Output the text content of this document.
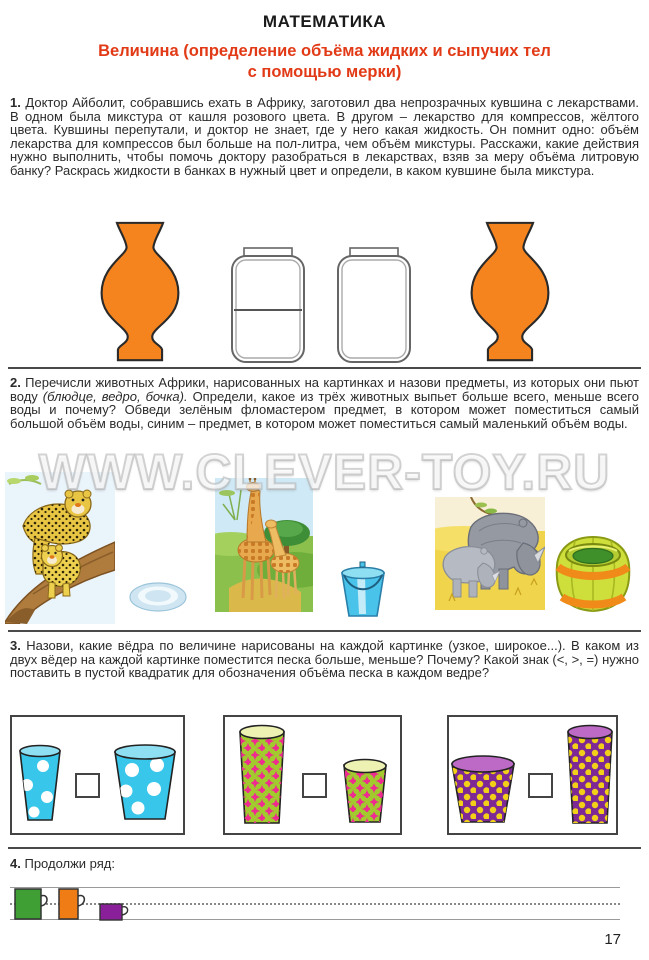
МАТЕМАТИКА
Величина (определение объёма жидких и сыпучих тел
с помощью мерки)

1. Доктор Айболит, собравшись ехать в Африку, заготовил два непрозрачных кувшина с лекарствами. В одном была микстура от кашля розового цвета. В другом – лекарство для компрессов, жёлтого цвета. Кувшины перепутали, и доктор не знает, где у него какая жидкость. Он помнит одно: объём лекарства для компрессов был больше на пол-литра, чем объём микстуры. Расскажи, какие действия нужно выполнить, чтобы помочь доктору разобраться в лекарствах, взяв за меру объёма литровую банку? Раскрась жидкости в банках в нужный цвет и определи, в каком кувшине была микстура.

2. Перечисли животных Африки, нарисованных на картинках и назови предметы, из которых они пьют воду (блюдце, ведро, бочка). Определи, какое из трёх животных выпьет больше всего, меньше всего воды и почему? Обведи зелёным фломастером предмет, в котором может поместиться самый большой объём воды, синим – предмет, в котором может поместиться самый маленький объём воды.

WWW.CLEVER-TOY.RU

3. Назови, какие вёдра по величине нарисованы на каждой картинке (узкое, широкое...). В каком из двух вёдер на каждой картинке поместится песка больше, меньше? Почему? Какой знак (<, >, =) нужно поставить в пустой квадратик для обозначения объёма песка в каждом ведре?

4. Продолжи ряд:

17
